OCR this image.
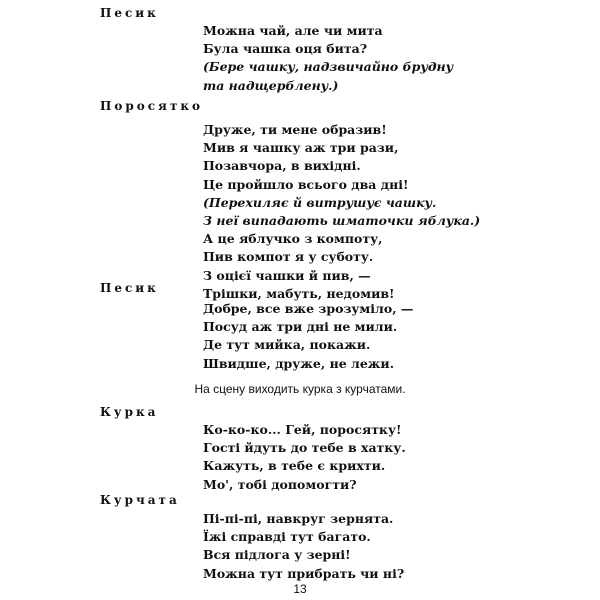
Песик
Можна чай, але чи мита
Була чашка оця бита?
(Бере чашку, надзвичайно брудну
та надщерблену.)
Поросятко
Друже, ти мене образив!
Мив я чашку аж три рази,
Позавчора, в вихідні.
Це пройшло всього два дні!
(Перехиляє й витрушує чашку.
З неї випадають шматочки яблука.)
А це яблучко з компоту,
Пив компот я у суботу.
З оцієї чашки й пив, —
Трішки, мабуть, недомив!
Песик
Добре, все вже зрозуміло, —
Посуд аж три дні не мили.
Де тут мийка, покажи.
Швидше, друже, не лежи.
На сцену виходить курка з курчатами.
Курка
Ко-ко-ко... Гей, поросятку!
Гості йдуть до тебе в хатку.
Кажуть, в тебе є крихти.
Мо', тобі допомогти?
Курчата
Пі-пі-пі, навкруг зернята.
Їжі справді тут багато.
Вся підлога у зерні!
Можна тут прибрать чи ні?
13
